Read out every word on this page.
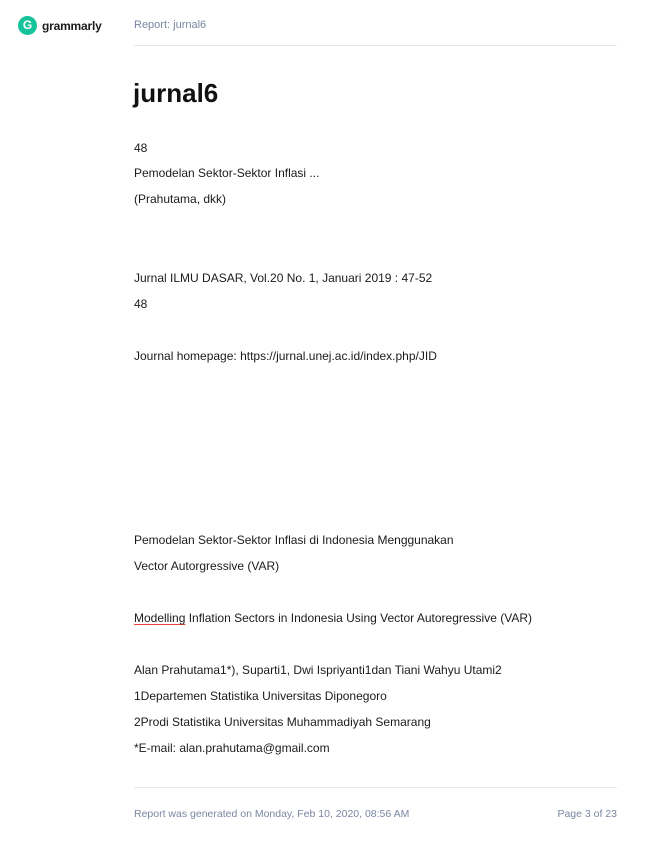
G grammarly	Report: jurnal6
jurnal6
48
Pemodelan Sektor-Sektor Inflasi ...
(Prahutama, dkk)
Jurnal ILMU DASAR, Vol.20 No. 1, Januari 2019 : 47-52
48
Journal homepage: https://jurnal.unej.ac.id/index.php/JID
Pemodelan Sektor-Sektor Inflasi di Indonesia Menggunakan
Vector Autorgressive (VAR)
Modelling Inflation Sectors in Indonesia Using Vector Autoregressive (VAR)
Alan Prahutama1*), Suparti1, Dwi Ispriyanti1dan Tiani Wahyu Utami2
1Departemen Statistika Universitas Diponegoro
2Prodi Statistika Universitas Muhammadiyah Semarang
*E-mail: alan.prahutama@gmail.com
Report was generated on Monday, Feb 10, 2020, 08:56 AM	Page 3 of 23
